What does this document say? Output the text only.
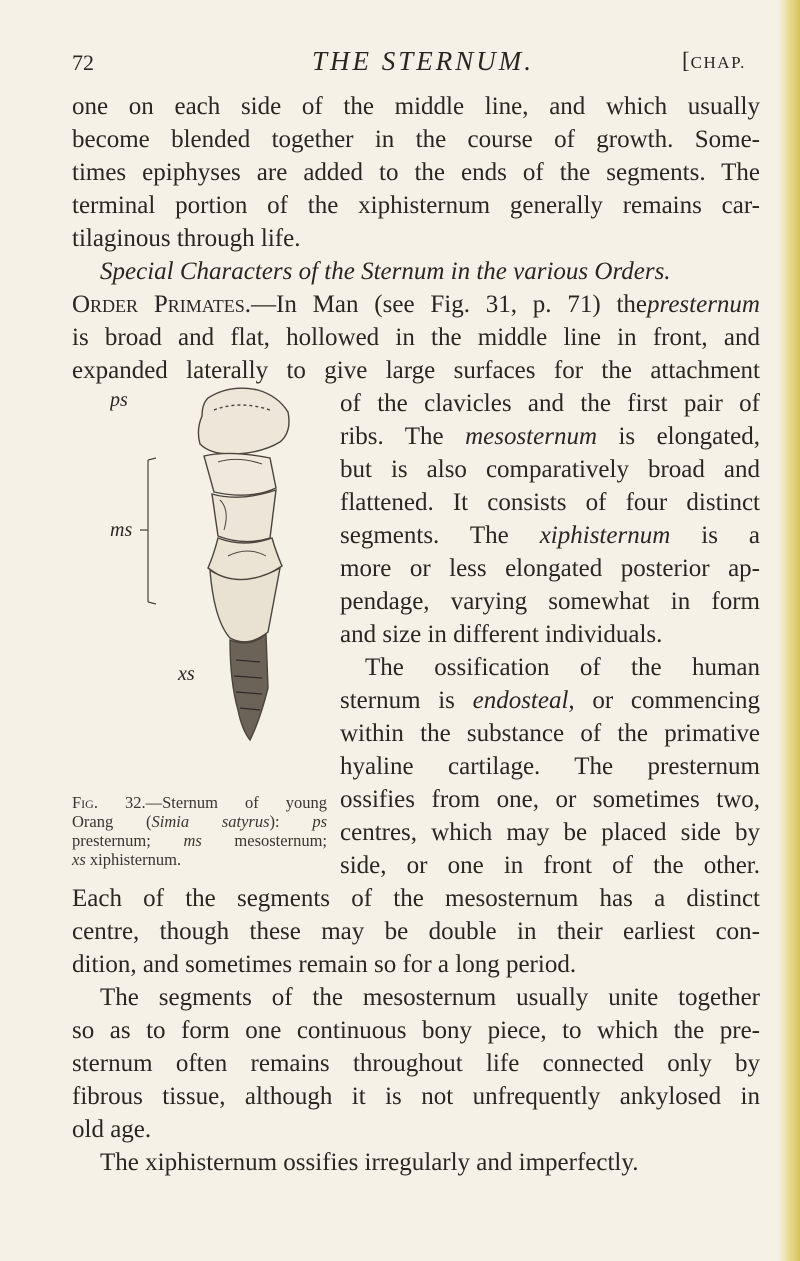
72	THE STERNUM.	[CHAP.
one on each side of the middle line, and which usually
become blended together in the course of growth. Some-
times epiphyses are added to the ends of the segments. The
terminal portion of the xiphisternum generally remains car-
tilaginous through life.
Special Characters of the Sternum in the various Orders.
Order Primates.—In Man (see Fig. 31, p. 71) thepresternum
is broad and flat, hollowed in the middle line in front, and
expanded laterally to give large surfaces for the attachment
of the clavicles and the first pair of
ribs. The mesosternum is elongated,
but is also comparatively broad and
flattened. It consists of four distinct
segments. The xiphisternum is a
more or less elongated posterior ap-
pendage, varying somewhat in form
and size in different individuals.
The ossification of the human
sternum is endosteal, or commencing
within the substance of the primative
hyaline cartilage. The presternum
ossifies from one, or sometimes two,
centres, which may be placed side by
side, or one in front of the other.
Each of the segments of the mesosternum has a distinct
centre, though these may be double in their earliest con-
dition, and sometimes remain so for a long period.
The segments of the mesosternum usually unite together
so as to form one continuous bony piece, to which the pre-
sternum often remains throughout life connected only by
fibrous tissue, although it is not unfrequently ankylosed in
old age.
The xiphisternum ossifies irregularly and imperfectly.
ps
ms
xs
Fig. 32.—Sternum of young
Orang (Simia satyrus): ps
presternum; ms mesosternum;
xs xiphisternum.
